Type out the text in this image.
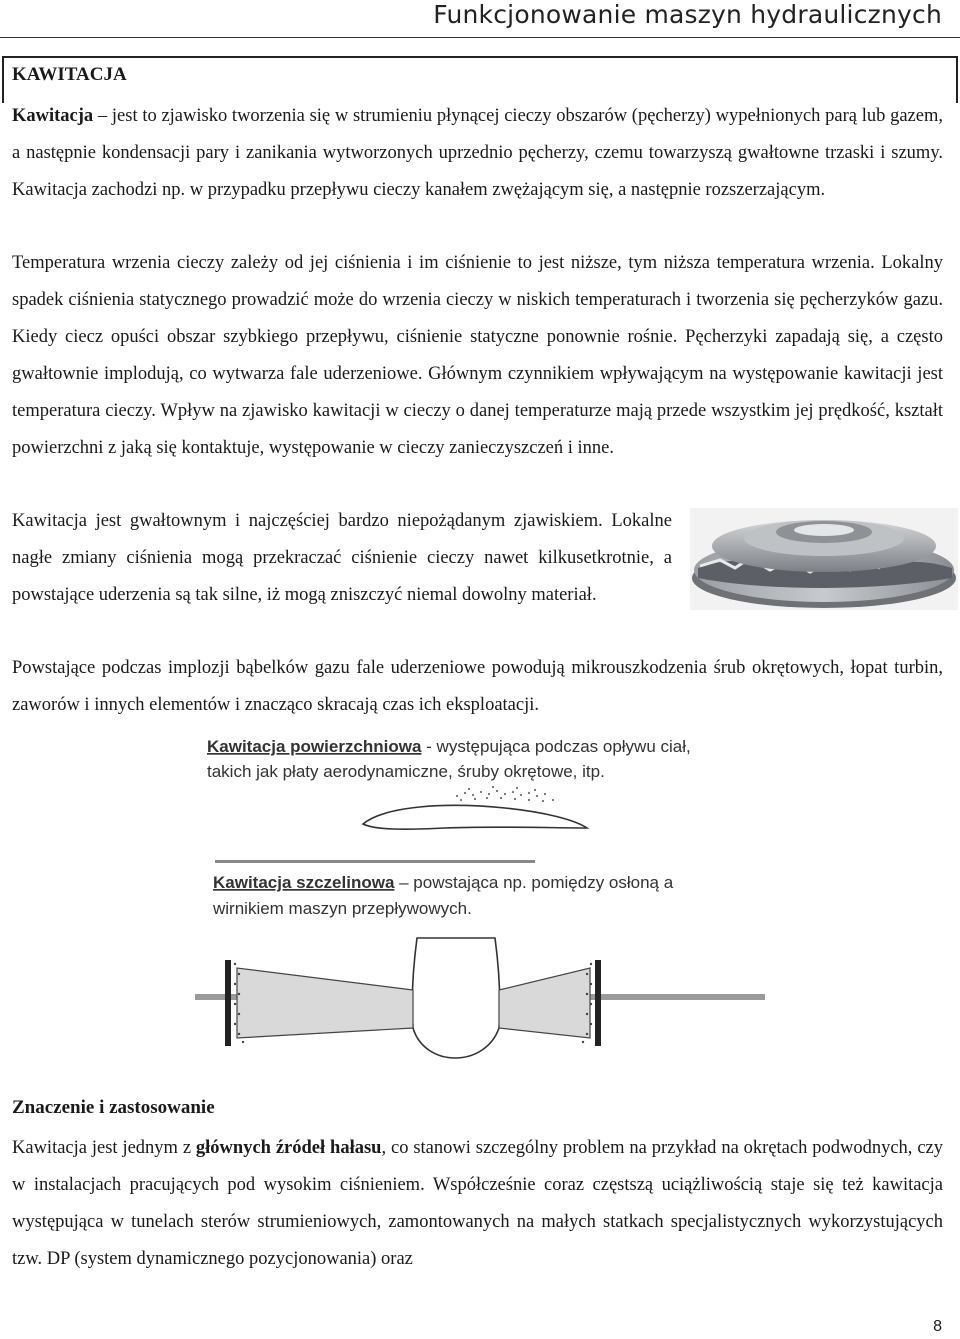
Funkcjonowanie maszyn hydraulicznych
KAWITACJA

Kawitacja – jest to zjawisko tworzenia się w strumieniu płynącej cieczy obszarów (pęcherzy) wypełnionych parą lub gazem, a następnie kondensacji pary i zanikania wytworzonych uprzednio pęcherzy, czemu towarzyszą gwałtowne trzaski i szumy. Kawitacja zachodzi np. w przypadku przepływu cieczy kanałem zwężającym się, a następnie rozszerzającym.

Temperatura wrzenia cieczy zależy od jej ciśnienia i im ciśnienie to jest niższe, tym niższa temperatura wrzenia. Lokalny spadek ciśnienia statycznego prowadzić może do wrzenia cieczy w niskich temperaturach i tworzenia się pęcherzyków gazu. Kiedy ciecz opuści obszar szybkiego przepływu, ciśnienie statyczne ponownie rośnie. Pęcherzyki zapadają się, a często gwałtownie implodują, co wytwarza fale uderzeniowe. Głównym czynnikiem wpływającym na występowanie kawitacji jest temperatura cieczy. Wpływ na zjawisko kawitacji w cieczy o danej temperaturze mają przede wszystkim jej prędkość, kształt powierzchni z jaką się kontaktuje, występowanie w cieczy zanieczyszczeń i inne.

Kawitacja jest gwałtownym i najczęściej bardzo niepożądanym zjawiskiem. Lokalne nagłe zmiany ciśnienia mogą przekraczać ciśnienie cieczy nawet kilkusetkrotnie, a powstające uderzenia są tak silne, iż mogą zniszczyć niemal dowolny materiał.

Powstające podczas implozji bąbelków gazu fale uderzeniowe powodują mikrouszkodzenia śrub okrętowych, łopat turbin, zaworów i innych elementów i znacząco skracają czas ich eksploatacji.

Kawitacja powierzchniowa - występująca podczas opływu ciał,
takich jak płaty aerodynamiczne, śruby okrętowe, itp.
Kawitacja szczelinowa – powstająca np. pomiędzy osłoną a
wirnikiem maszyn przepływowych.
Znaczenie i zastosowanie

Kawitacja jest jednym z głównych źródeł hałasu, co stanowi szczególny problem na przykład na okrętach podwodnych, czy w instalacjach pracujących pod wysokim ciśnieniem. Współcześnie coraz częstszą uciążliwością staje się też kawitacja występująca w tunelach sterów strumieniowych, zamontowanych na małych statkach specjalistycznych wykorzystujących tzw. DP (system dynamicznego pozycjonowania) oraz

8
